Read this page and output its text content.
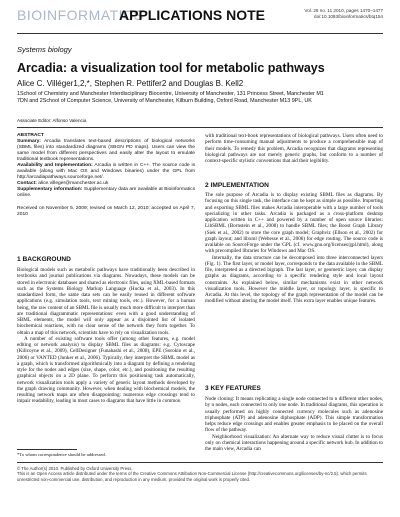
BIOINFORMATICS
APPLICATIONS NOTE	Vol. 26 no. 11 2010, pages 1470–1477
doi:10.1093/bioinformatics/btq154
Systems biology
Arcadia: a visualization tool for metabolic pathways
Alice C. Villéger1,2,*, Stephen R. Pettifer2 and Douglas B. Kell2
1School of Chemistry and Manchester Interdisciplinary Biocentre, University of Manchester, 131 Princess Street, Manchester M1 7DN and 2School of Computer Science, University of Manchester, Kilburn Building, Oxford Road, Manchester M13 9PL, UK
Associate Editor: Alfonso Valencia
ABSTRACT

Summary: Arcadia translates text-based descriptions of biological networks (SBML files) into standardized diagrams (SBGN PD maps). Users can view the same model from different perspectives and easily alter the layout to emulate traditional textbook representations.

Availability and Implementation: Arcadia is written in C++. The source code is available (along with Mac OS and Windows binaries) under the GPL from http://arcadiapathways.sourceforge.net/.

Contact: alice.villeger@manchester.ac.uk

Supplementary information: Supplementary data are available at Bioinformatics online.

Received on November 5, 2009; revised on March 12, 2010; accepted on April 7, 2010

1 BACKGROUND

Biological models such as metabolic pathways have traditionally been described in textbooks and journal publications via diagrams. Nowadays, these models can be stored in electronic databases and shared as electronic files, using XML-based formats such as the Systems Biology Markup Language (Hucka et al., 2003). In this standardized form, the same data sets can be easily reused in different software applications (e.g. simulation tools, text mining tools, etc.). However, for a human being, the raw content of an SBML file is usually much more difficult to interpret than are traditional diagrammatic representations: even with a good understanding of SBML elements, the model will only appear as a disjointed list of isolated biochemical reactions, with no clear sense of the network they form together. To obtain a map of this network, scientists have to rely on visualization tools.

A number of existing software tools offer (among other features, e.g. model editing or network analysis) to display SBML files as diagrams: e.g. Cytoscape (Killcoyne et al., 2009), CellDesigner (Funahashi et al., 2008), EPE (Sorokin et al., 2006) or VANTED (Junker et al., 2006). Typically, they interpret the SBML model as a graph, which is transformed algorithmically into a diagram by defining a rendering style for the nodes and edges (size, shape, color, etc.), and positioning the resulting graphical objects on a 2D plane. To perform this positioning task automatically, network visualization tools apply a variety of generic layout methods developed by the graph drawing community. However, when dealing with biochemical models, the resulting network maps are often disappointing: numerous edge crossings tend to impair readability, leading in most cases to diagrams that have little in common

*To whom correspondence should be addressed.

with traditional text-book representations of biological pathways. Users often need to perform time-consuming manual adjustments to produce a comprehensible map of their models. To remedy this problem, Arcadia recognizes that diagrams representing biological pathways are not merely generic graphs, but conform to a number of context-specific stylistic conventions that aid their legibility.

2 IMPLEMENTATION

The sole purpose of Arcadia is to display existing SBML files as diagrams. By focusing on this single task, the interface can be kept as simple as possible. Importing and exporting SBML files makes Arcadia interoperable with a large number of tools specializing in other tasks. Arcadia is packaged as a cross-platform desktop application written in C++ and powered by a number of open source libraries: LibSBML (Bornstein et al., 2008) to handle SBML files; the Boost Graph Library (Siek et al., 2002) to store the core graph model; Graphviz (Ellson et al., 2002) for graph layout; and libxml (Webesse et al., 2006) for edge routing. The source code is available on SourceForge under the GPL (cf. www.gnu.org/licenses/gpl.html), along with precompiled libraries for Windows and Mac OS.

Internally, the data structure can be decomposed into three interconnected layers (Fig. 1). The first layer, or model layer, corresponds to the data available in the SBML file, interpreted as a directed bigraph. The last layer, or geometric layer, can display graphs as diagrams, according to a specific rendering style and local layout constraints. As explained below, similar mechanisms exist in other network visualization tools. However the middle layer, or topology layer, is specific to Arcadia. At this level, the topology of the graph representation of the model can be modified without altering the model itself. This extra layer enables unique features.

3 KEY FEATURES

Node cloning: It means replicating a single node connected to n different other nodes, by n nodes, each connected to only one node. In traditional diagrams, this operation is usually performed on highly connected currency molecules such as adenosine triphosphate (ATP) and adenosine diphosphate (ADP). This simple transformation helps reduce edge crossings and enables greater emphasis to be placed on the overall flow of the pathway.

Neighborhood visualization: An alternate way to reduce visual clutter is to focus only on chemical interactions happening around a specific network hub. In addition to the main view, Arcadia can

© The Author(s) 2010. Published by Oxford University Press.
This is an Open Access article distributed under the terms of the Creative Commons Attribution Non-Commercial License (http://creativecommons.org/licenses/by-nc/2.5), which permits unrestricted non-commercial use, distribution, and reproduction in any medium, provided the original work is properly cited.
